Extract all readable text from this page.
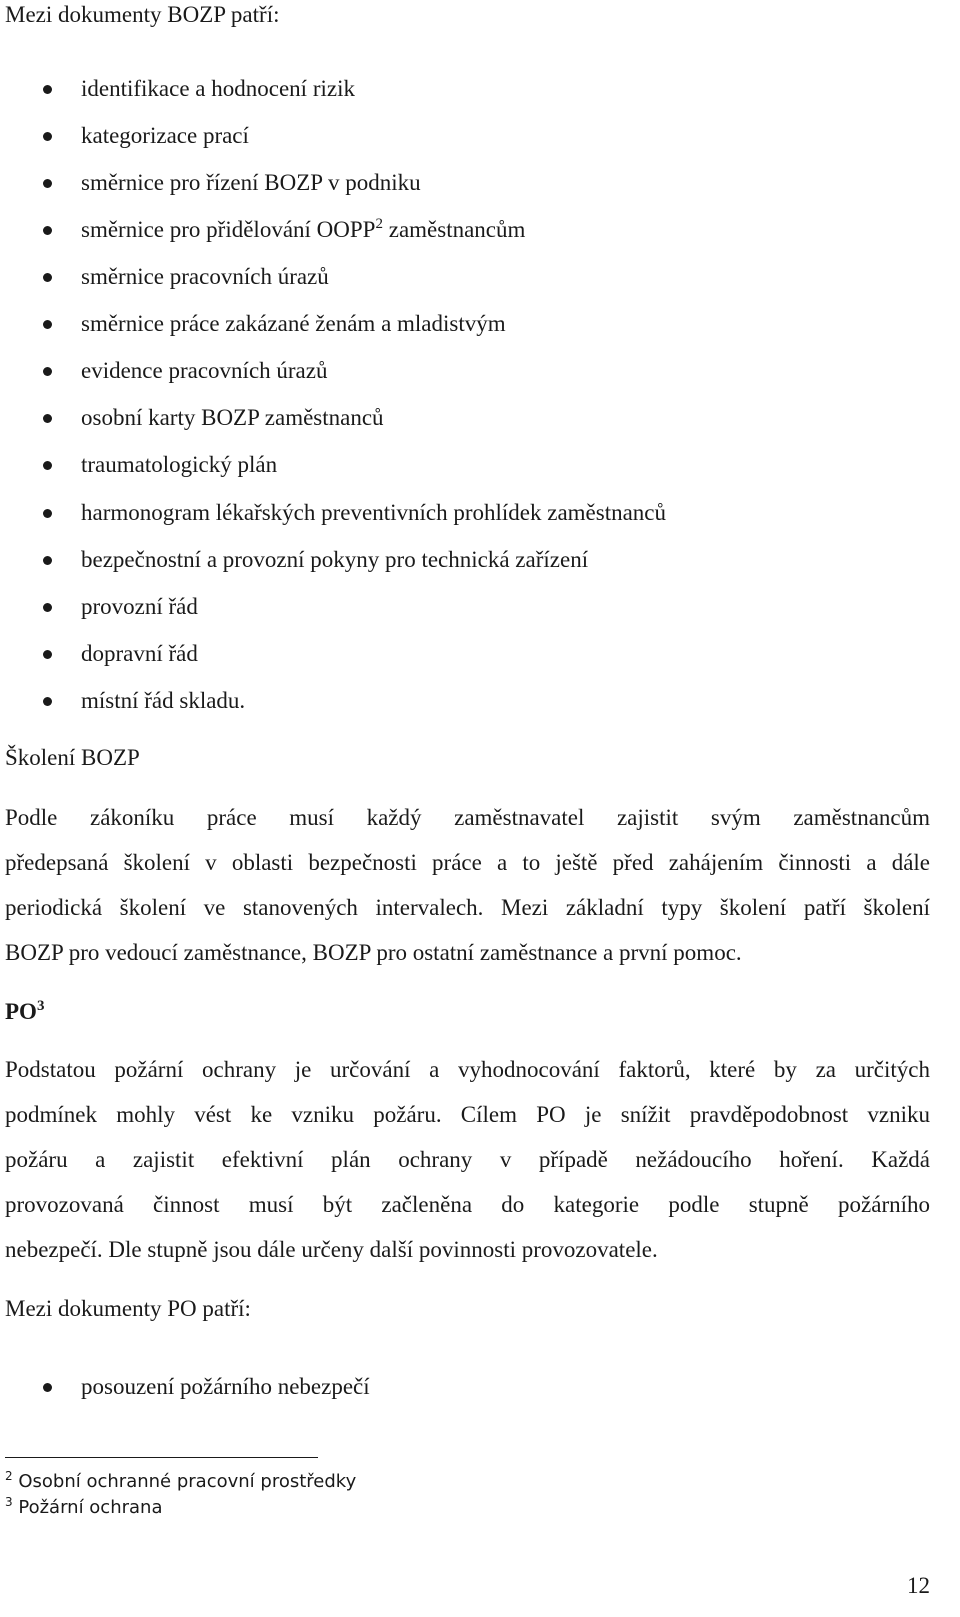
Mezi dokumenty BOZP patří:
identifikace a hodnocení rizik
kategorizace prací
směrnice pro řízení BOZP v podniku
směrnice pro přidělování OOPP$^2$ zaměstnancům
směrnice pracovních úrazů
směrnice práce zakázané ženám a mladistvým
evidence pracovních úrazů
osobní karty BOZP zaměstnanců
traumatologický plán
harmonogram lékařských preventivních prohlídek zaměstnanců
bezpečnostní a provozní pokyny pro technická zařízení
provozní řád
dopravní řád
místní řád skladu.
Školení BOZP
Podle zákoníku práce musí každý zaměstnavatel zajistit svým zaměstnancům
předepsaná školení v oblasti bezpečnosti práce a to ještě před zahájením činnosti a dále
periodická školení ve stanovených intervalech. Mezi základní typy školení patří školení
BOZP pro vedoucí zaměstnance, BOZP pro ostatní zaměstnance a první pomoc.
$PO^3$
Podstatou požární ochrany je určování a vyhodnocování faktorů, které by za určitých
podmínek mohly vést ke vzniku požáru. Cílem PO je snížit pravděpodobnost vzniku
požáru a zajistit efektivní plán ochrany v případě nežádoucího hoření. Každá
provozovaná činnost musí být začleněna do kategorie podle stupně požárního
nebezpečí. Dle stupně jsou dále určeny další povinnosti provozovatele.
Mezi dokumenty PO patří:
posouzení požárního nebezpečí
$^2$ Osobní ochranné pracovní prostředky
$^3$ Požární ochrana
12
